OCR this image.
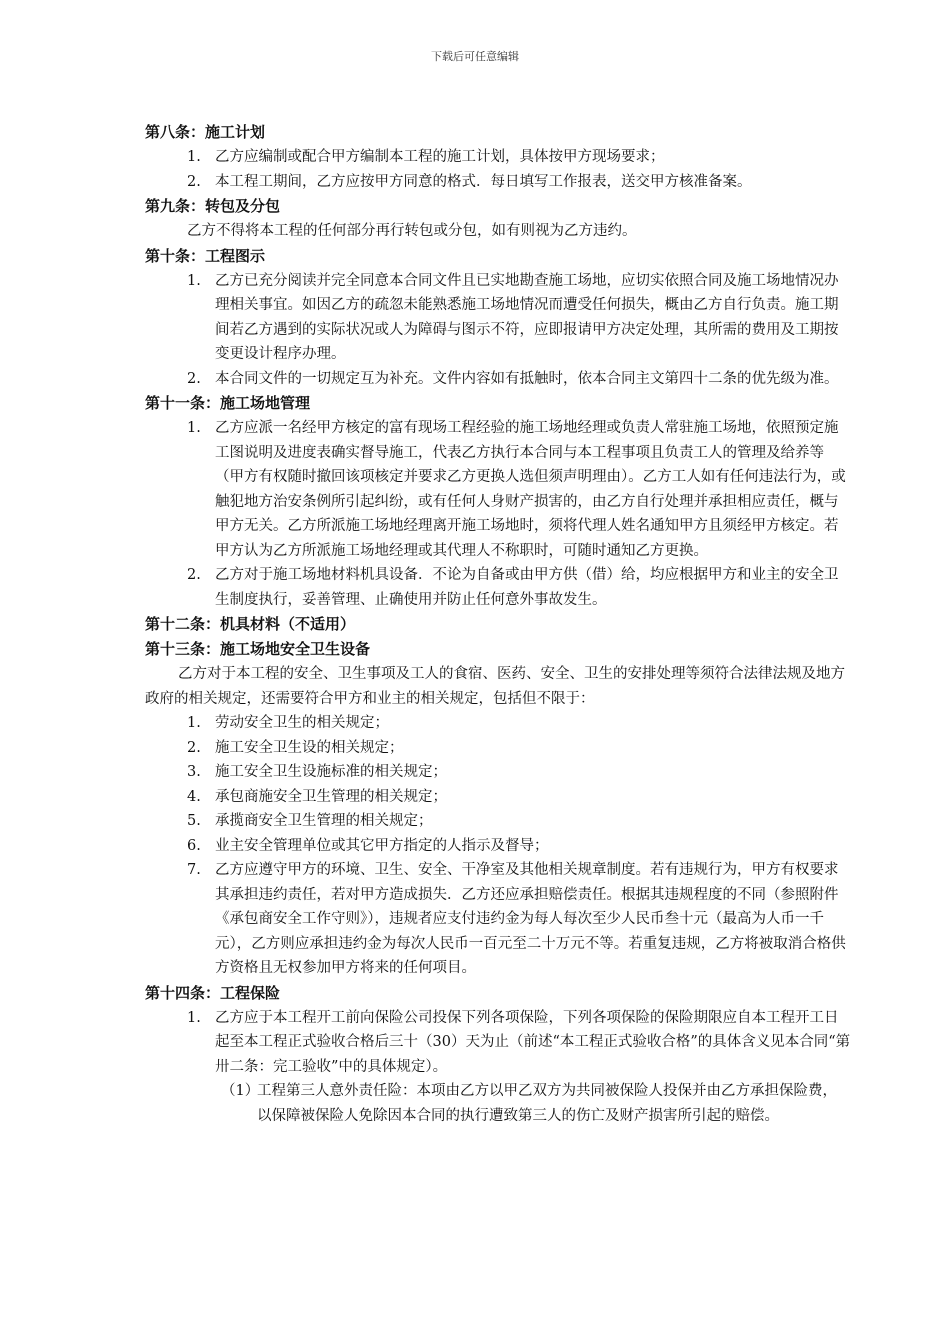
下载后可任意编辑

第八条：施工计划

1. 乙方应编制或配合甲方编制本工程的施工计划，具体按甲方现场要求；

2. 本工程工期间，乙方应按甲方同意的格式．每日填写工作报表，送交甲方核准备案。

第九条：转包及分包

乙方不得将本工程的任何部分再行转包或分包，如有则视为乙方违约。

第十条：工程图示

1. 乙方已充分阅读并完全同意本合同文件且已实地勘查施工场地，应切实依照合同及施工场地情况办理相关事宜。如因乙方的疏忽未能熟悉施工场地情况而遭受任何损失，概由乙方自行负责。施工期间若乙方遇到的实际状况或人为障碍与图示不符，应即报请甲方决定处理，其所需的费用及工期按变更设计程序办理。

2. 本合同文件的一切规定互为补充。文件内容如有抵触时，依本合同主文第四十二条的优先级为准。

第十一条：施工场地管理

1. 乙方应派一名经甲方核定的富有现场工程经验的施工场地经理或负责人常驻施工场地，依照预定施工图说明及进度表确实督导施工，代表乙方执行本合同与本工程事项且负责工人的管理及给养等（甲方有权随时撤回该项核定并要求乙方更换人选但须声明理由）。乙方工人如有任何违法行为，或触犯地方治安条例所引起纠纷，或有任何人身财产损害的，由乙方自行处理并承担相应责任，概与甲方无关。乙方所派施工场地经理离开施工场地时，须将代理人姓名通知甲方且须经甲方核定。若甲方认为乙方所派施工场地经理或其代理人不称职时，可随时通知乙方更换。

2. 乙方对于施工场地材料机具设备．不论为自备或由甲方供（借）给，均应根据甲方和业主的安全卫生制度执行，妥善管理、止确使用并防止任何意外事故发生。

第十二条：机具材料（不适用）

第十三条：施工场地安全卫生设备

乙方对于本工程的安全、卫生事项及工人的食宿、医药、安全、卫生的安排处理等须符合法律法规及地方政府的相关规定，还需要符合甲方和业主的相关规定，包括但不限于：

1. 劳动安全卫生的相关规定；

2. 施工安全卫生设的相关规定；

3. 施工安全卫生设施标准的相关规定；

4. 承包商施安全卫生管理的相关规定；

5. 承揽商安全卫生管理的相关规定；

6. 业主安全管理单位或其它甲方指定的人指示及督导；

7. 乙方应遵守甲方的环境、卫生、安全、干净室及其他相关规章制度。若有违规行为，甲方有权要求其承担违约责任，若对甲方造成损失．乙方还应承担赔偿责任。根据其违规程度的不同（参照附件《承包商安全工作守则》），违规者应支付违约金为每人每次至少人民币叁十元（最高为人币一千元），乙方则应承担违约金为每次人民币一百元至二十万元不等。若重复违规，乙方将被取消合格供方资格且无权参加甲方将来的任何项目。

第十四条：工程保险

1. 乙方应于本工程开工前向保险公司投保下列各项保险，下列各项保险的保险期限应自本工程开工日起至本工程正式验收合格后三十（30）天为止（前述“本工程正式验收合格”的具体含义见本合同“第卅二条：完工验收”中的具体规定）。

（1）
工程第三人意外责任险：本项由乙方以甲乙双方为共同被保险人投保并由乙方承担保险费，以保障被保险人免除因本合同的执行遭致第三人的伤亡及财产损害所引起的赔偿。
